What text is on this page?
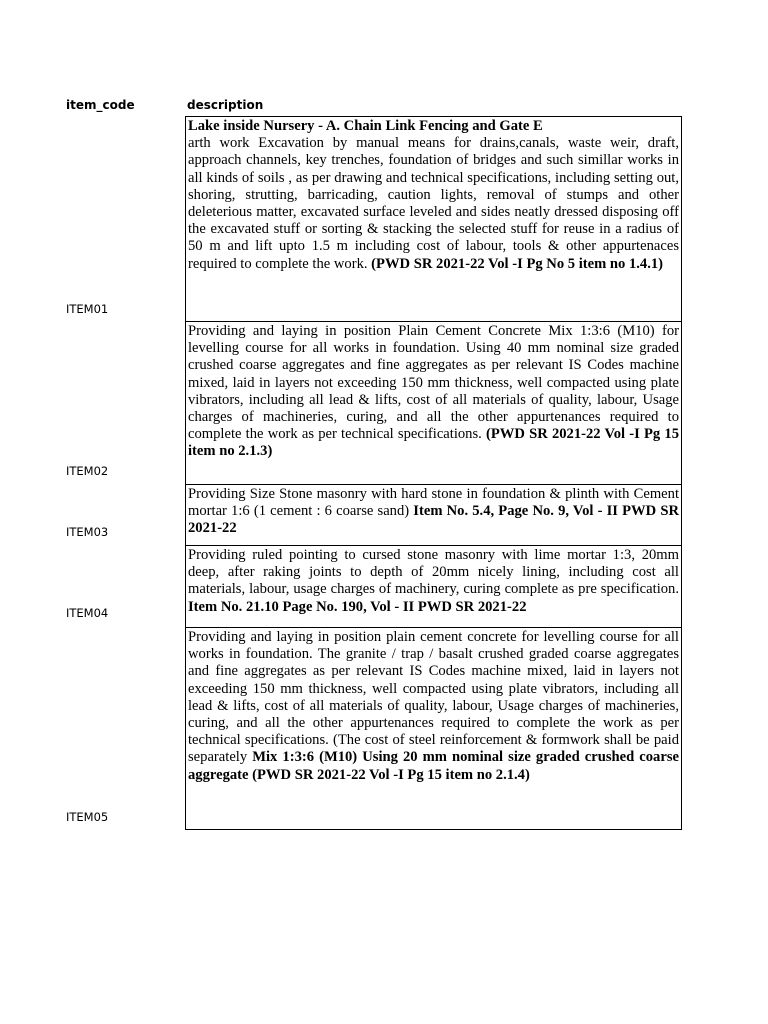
item_code	description
ITEM01
ITEM02
ITEM03
ITEM04
ITEM05
Lake inside Nursery - A. Chain Link Fencing and Gate E
arth work Excavation by manual means for drains,canals, waste weir, draft, approach channels, key trenches, foundation of bridges and such simillar works in all kinds of soils , as per drawing and technical specifications, including setting out, shoring, strutting, barricading, caution lights, removal of stumps and other deleterious matter, excavated surface leveled and sides neatly dressed disposing off the excavated stuff or sorting & stacking the selected stuff for reuse in a radius of 50 m and lift upto 1.5 m including cost of labour, tools & other appurtenaces required to complete the work. (PWD SR 2021-22 Vol -I Pg No 5 item no 1.4.1)
Providing and laying in position Plain Cement Concrete Mix 1:3:6 (M10) for levelling course for all works in foundation. Using 40 mm nominal size graded crushed coarse aggregates and fine aggregates as per relevant IS Codes machine mixed, laid in layers not exceeding 150 mm thickness, well compacted using plate vibrators, including all lead & lifts, cost of all materials of quality, labour, Usage charges of machineries, curing, and all the other appurtenances required to complete the work as per technical specifications. (PWD SR 2021-22 Vol -I Pg 15 item no 2.1.3)
Providing Size Stone masonry with hard stone in foundation & plinth with Cement mortar 1:6 (1 cement : 6 coarse sand) Item No. 5.4, Page No. 9, Vol - II PWD SR 2021-22
Providing ruled pointing to cursed stone masonry with lime mortar 1:3, 20mm deep, after raking joints to depth of 20mm nicely lining, including cost all materials, labour, usage charges of machinery, curing complete as pre specification. Item No. 21.10 Page No. 190, Vol - II PWD SR 2021-22
Providing and laying in position plain cement concrete for levelling course for all works in foundation. The granite / trap / basalt crushed graded coarse aggregates and fine aggregates as per relevant IS Codes machine mixed, laid in layers not exceeding 150 mm thickness, well compacted using plate vibrators, including all lead & lifts, cost of all materials of quality, labour, Usage charges of machineries, curing, and all the other appurtenances required to complete the work as per technical specifications. (The cost of steel reinforcement & formwork shall be paid separately Mix 1:3:6 (M10) Using 20 mm nominal size graded crushed coarse aggregate (PWD SR 2021-22 Vol -I Pg 15 item no 2.1.4)
